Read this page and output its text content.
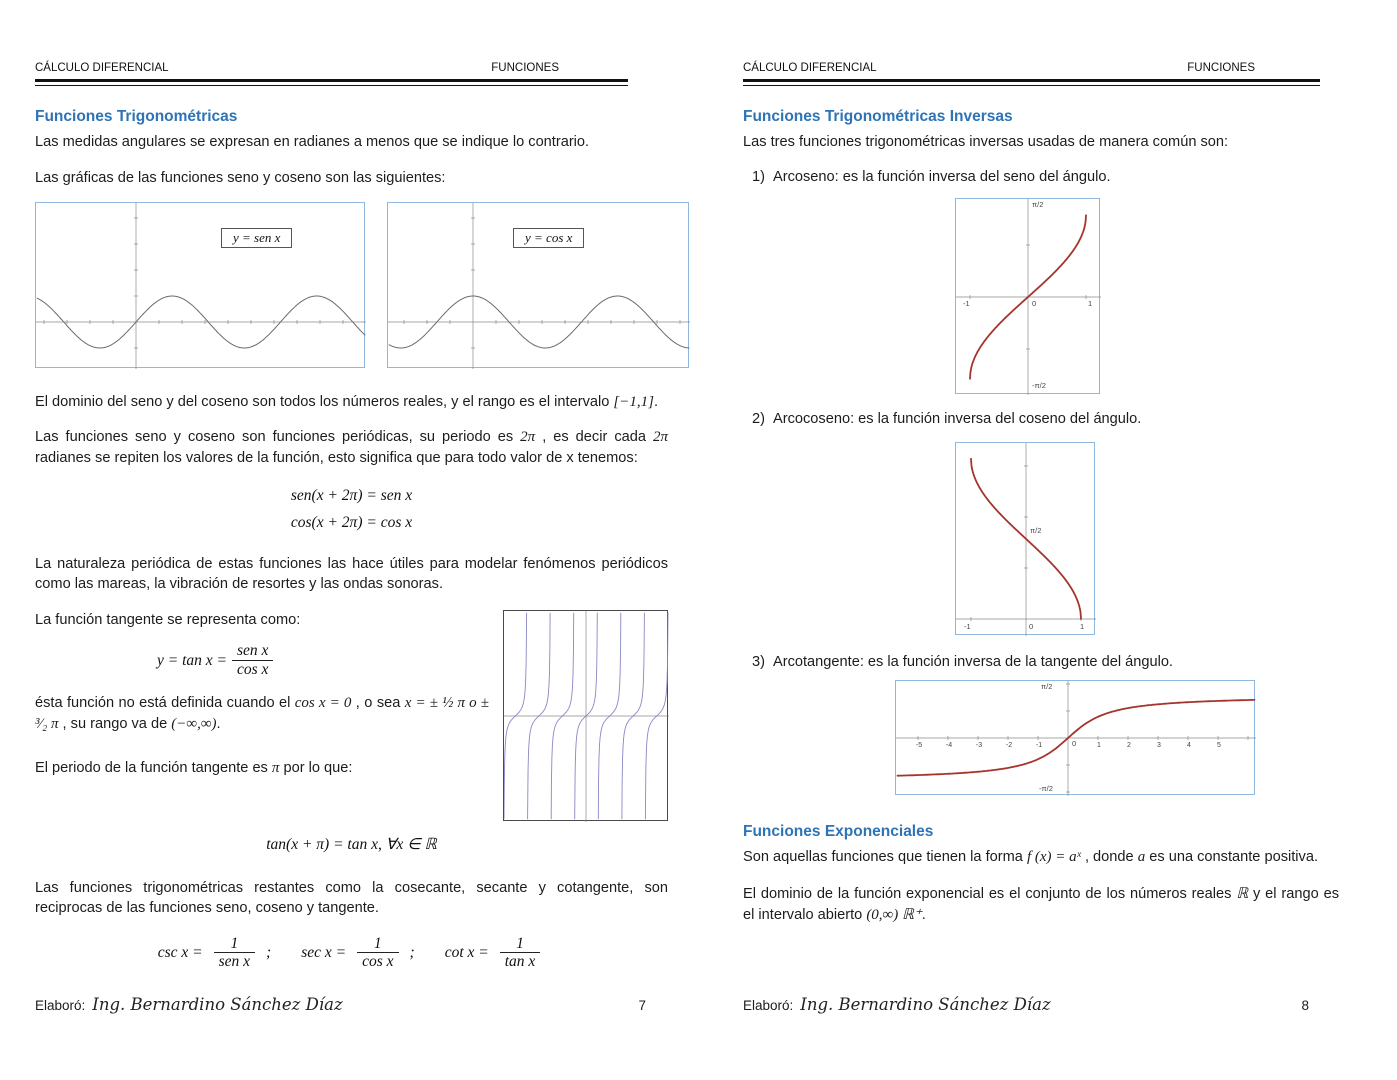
CÁLCULO DIFERENCIAL	FUNCIONES
Funciones Trigonométricas

Las medidas angulares se expresan en radianes a menos que se indique lo contrario.

Las gráficas de las funciones seno y coseno son las siguientes:

y = sen x	y = cos x

El dominio del seno y del coseno son todos los números reales, y el rango es el intervalo [−1,1].

Las funciones seno y coseno son funciones periódicas, su periodo es 2π , es decir cada 2π radianes se repiten los valores de la función, esto significa que para todo valor de x tenemos:

sen(x + 2π) = sen x
cos(x + 2π) = cos x

La naturaleza periódica de estas funciones las hace útiles para modelar fenómenos periódicos como las mareas, la vibración de resortes y las ondas sonoras.

La función tangente se representa como:

$y = \tan x = \frac{\text{sen x}}{\text{cos x}}$

ésta función no está definida cuando el cos x = 0 , o sea x = ± ½ π o ± ³⁄₂ π , su rango va de (−∞,∞).

El periodo de la función tangente es π por lo que:

tan(x + π) = tan x, ∀x ∈ ℝ

Las funciones trigonométricas restantes como la cosecante, secante y cotangente, son reciprocas de las funciones seno, coseno y tangente.

$\csc x = \frac{1}{\text{sen x}}$ ; $\sec x = \frac{1}{\text{cos x}}$ ; $\cot x = \frac{1}{\text{tan x}}$
Elaboró: Ing. Bernardino Sánchez Díaz	7
CÁLCULO DIFERENCIAL	FUNCIONES
Funciones Trigonométricas Inversas

Las tres funciones trigonométricas inversas usadas de manera común son:

1) Arcoseno: es la función inversa del seno del ángulo.
π/2
-π/2
-1	0	1
2) Arcocoseno: es la función inversa del coseno del ángulo.
π/2
-1	0	1
3) Arcotangente: es la función inversa de la tangente del ángulo.
-5	-4	-3	-2	-1	1	2	3	4	5
π/2
-π/2
0
Funciones Exponenciales

Son aquellas funciones que tienen la forma f (x) = aˣ , donde a es una constante positiva.

El dominio de la función exponencial es el conjunto de los números reales ℝ y el rango es el intervalo abierto (0,∞) ℝ⁺.

Elaboró: Ing. Bernardino Sánchez Díaz	8
